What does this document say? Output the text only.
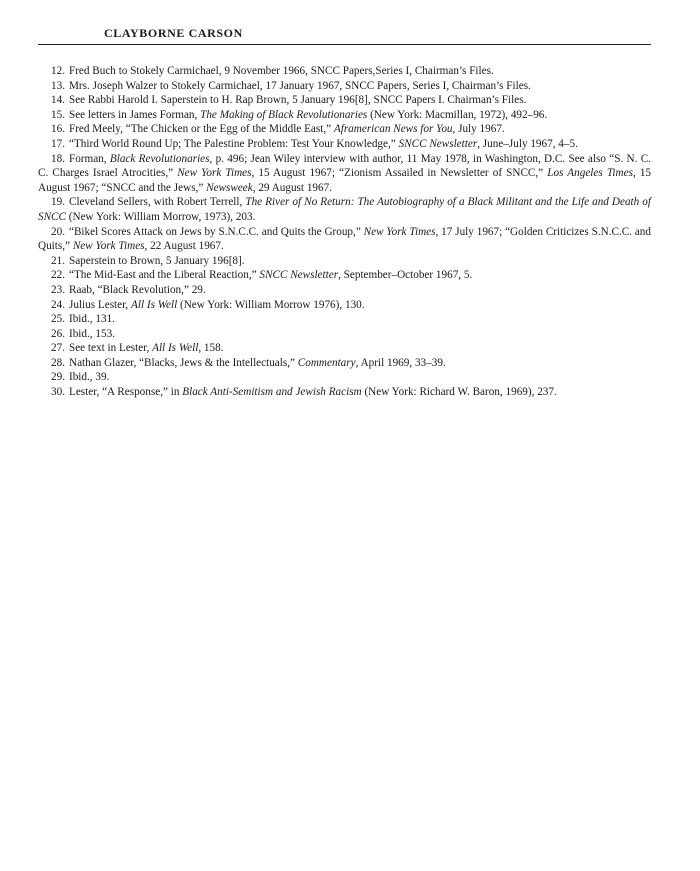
CLAYBORNE CARSON

12. Fred Buch to Stokely Carmichael, 9 November 1966, SNCC Papers,Series I, Chairman’s Files.

13. Mrs. Joseph Walzer to Stokely Carmichael, 17 January 1967, SNCC Papers, Series I, Chairman’s Files.

14. See Rabbi Harold I. Saperstein to H. Rap Brown, 5 January 196[8], SNCC Papers I. Chairman’s Files.

15. See letters in James Forman, The Making of Black Revolutionaries (New York: Macmillan, 1972), 492–96.

16. Fred Meely, “The Chicken or the Egg of the Middle East,” Aframerican News for You, July 1967.

17. “Third World Round Up; The Palestine Problem: Test Your Knowledge,” SNCC Newsletter, June–July 1967, 4–5.

18. Forman, Black Revolutionaries, p. 496; Jean Wiley interview with author, 11 May 1978, in Washington, D.C. See also “S. N. C. C. Charges Israel Atrocities,” New York Times, 15 August 1967; “Zionism Assailed in Newsletter of SNCC,” Los Angeles Times, 15 August 1967; “SNCC and the Jews,” Newsweek, 29 August 1967.

19. Cleveland Sellers, with Robert Terrell, The River of No Return: The Autobiography of a Black Militant and the Life and Death of SNCC (New York: William Morrow, 1973), 203.

20. “Bikel Scores Attack on Jews by S.N.C.C. and Quits the Group,” New York Times, 17 July 1967; “Golden Criticizes S.N.C.C. and Quits,” New York Times, 22 August 1967.

21. Saperstein to Brown, 5 January 196[8].

22. “The Mid-East and the Liberal Reaction,” SNCC Newsletter, September–October 1967, 5.

23. Raab, “Black Revolution,” 29.

24. Julius Lester, All Is Well (New York: William Morrow 1976), 130.

25. Ibid., 131.

26. Ibid., 153.

27. See text in Lester, All Is Well, 158.

28. Nathan Glazer, “Blacks, Jews & the Intellectuals,” Commentary, April 1969, 33–39.

29. Ibid., 39.

30. Lester, “A Response,” in Black Anti-Semitism and Jewish Racism (New York: Richard W. Baron, 1969), 237.
